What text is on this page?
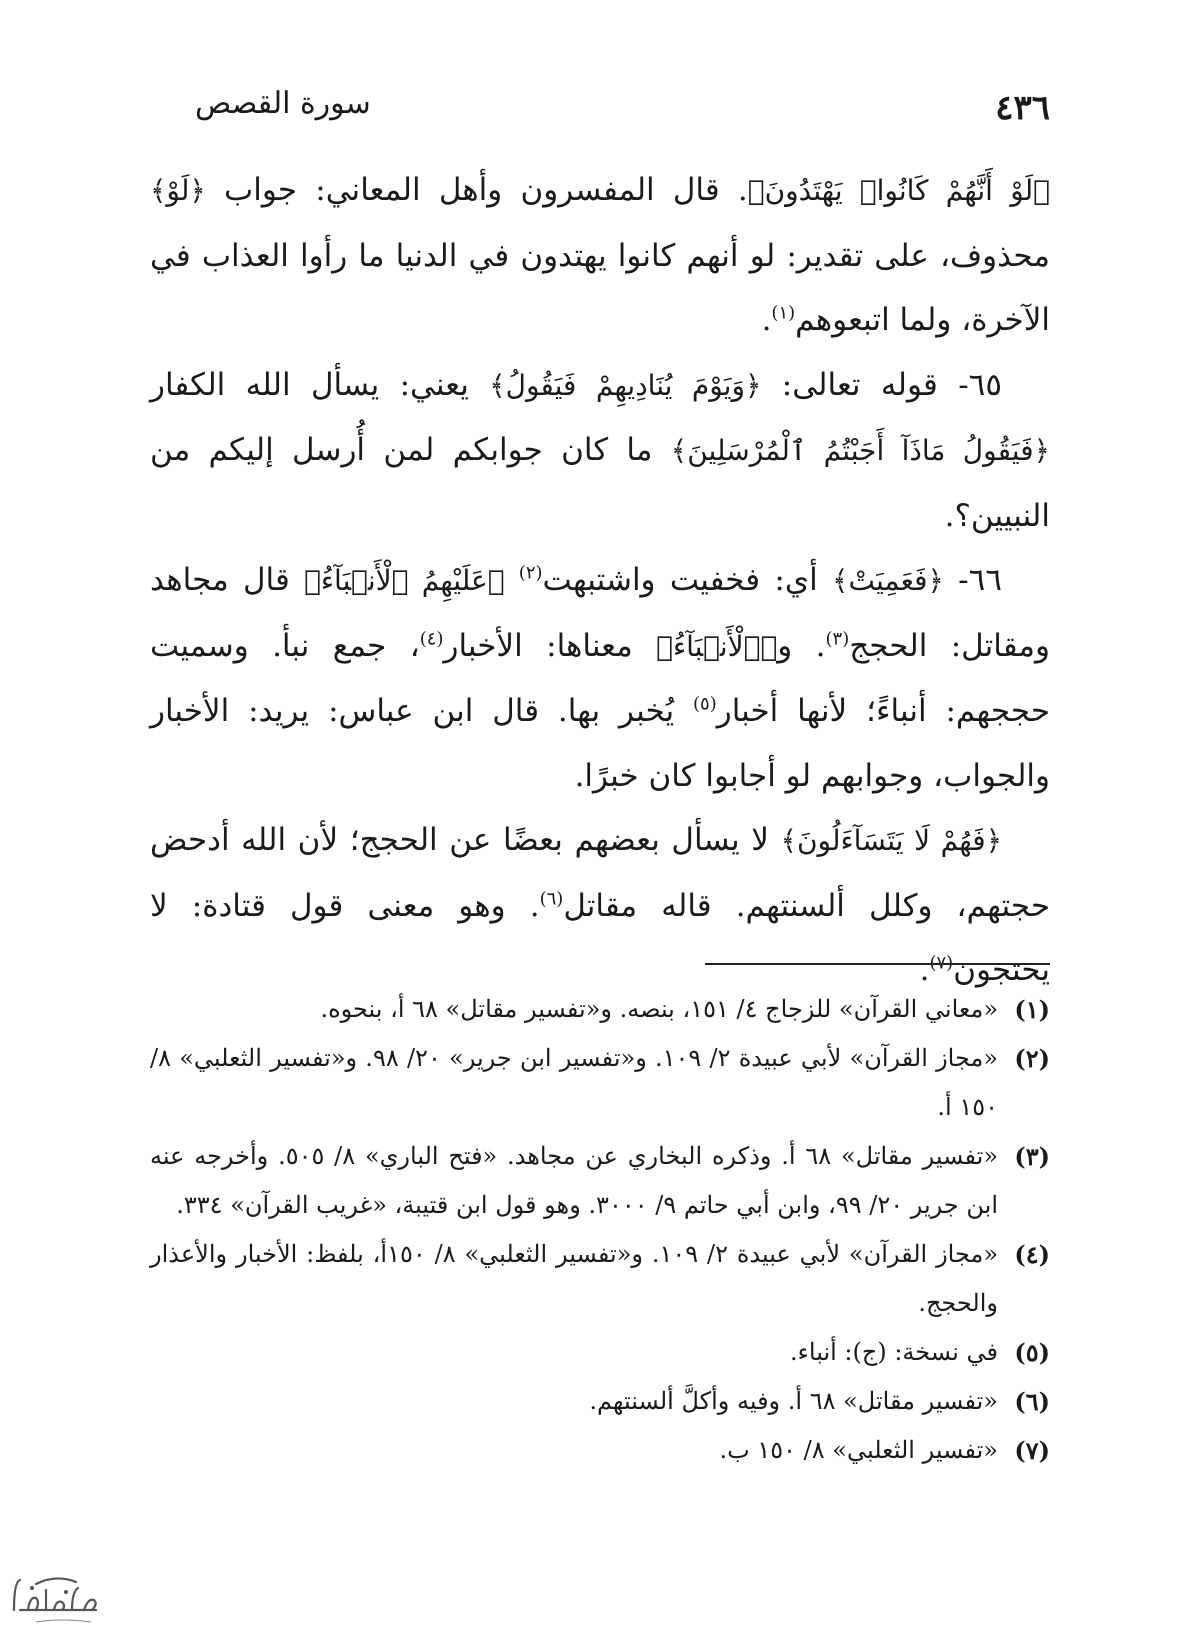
٤٣٦
سورة القصص

﴿لَوْ أَنَّهُمْ كَانُوا۟ يَهْتَدُونَ﴾. قال المفسرون وأهل المعاني: جواب ﴿لَوْ﴾ محذوف، على تقدير: لو أنهم كانوا يهتدون في الدنيا ما رأوا العذاب في الآخرة، ولما اتبعوهم$^{(١)}$.

٦٥- قوله تعالى: ﴿وَيَوْمَ يُنَادِيهِمْ فَيَقُولُ﴾ يعني: يسأل الله الكفار ﴿فَيَقُولُ مَاذَآ أَجَبْتُمُ ٱلْمُرْسَلِينَ﴾ ما كان جوابكم لمن أُرسل إليكم من النبيين؟.

٦٦- ﴿فَعَمِيَتْ﴾ أي: فخفيت واشتبهت$^{(٢)}$ ﴿عَلَيْهِمُ ٱلْأَنۢبَآءُ﴾ قال مجاهد ومقاتل: الحجج$^{(٣)}$. و﴿ٱلْأَنۢبَآءُ﴾ معناها: الأخبار$^{(٤)}$، جمع نبأ. وسميت حججهم: أنباءً؛ لأنها أخبار$^{(٥)}$ يُخبر بها. قال ابن عباس: يريد: الأخبار والجواب، وجوابهم لو أجابوا كان خبرًا.

﴿فَهُمْ لَا يَتَسَآءَلُونَ﴾ لا يسأل بعضهم بعضًا عن الحجج؛ لأن الله أدحض حجتهم، وكلل ألسنتهم. قاله مقاتل$^{(٦)}$. وهو معنى قول قتادة: لا يحتجون$^{(٧)}$.

(١)
«معاني القرآن» للزجاج ٤/ ١٥١، بنصه. و«تفسير مقاتل» ٦٨ أ، بنحوه.
(٢)
«مجاز القرآن» لأبي عبيدة ٢/ ١٠٩. و«تفسير ابن جرير» ٢٠/ ٩٨. و«تفسير الثعلبي» ٨/ ١٥٠ أ.
(٣)
«تفسير مقاتل» ٦٨ أ. وذكره البخاري عن مجاهد. «فتح الباري» ٨/ ٥٠٥. وأخرجه عنه ابن جرير ٢٠/ ٩٩، وابن أبي حاتم ٩/ ٣٠٠٠. وهو قول ابن قتيبة، «غريب القرآن» ٣٣٤.
(٤)
«مجاز القرآن» لأبي عبيدة ٢/ ١٠٩. و«تفسير الثعلبي» ٨/ ١٥٠أ، بلفظ: الأخبار والأعذار والحجج.
(٥)
في نسخة: (ج): أنباء.
(٦)
«تفسير مقاتل» ٦٨ أ. وفيه وأكلَّ ألسنتهم.
(٧)
«تفسير الثعلبي» ٨/ ١٥٠ ب.
